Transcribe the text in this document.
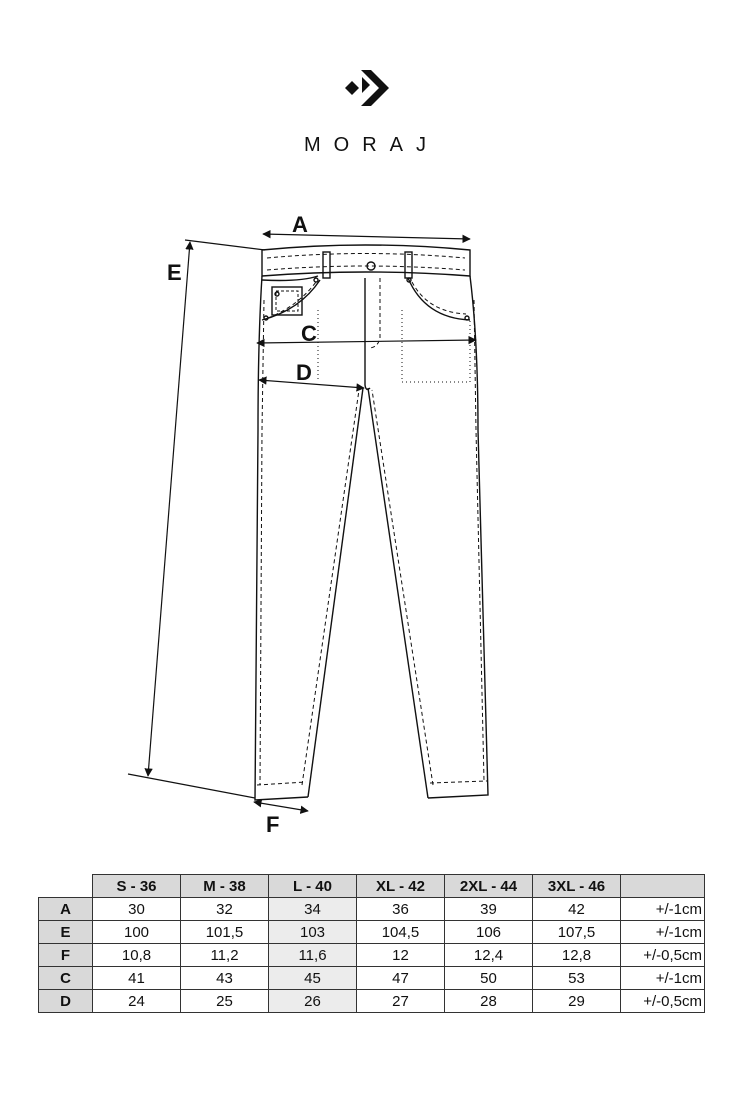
MORAJ
A
E
C
D
F
	S - 36	M - 38	L - 40	XL - 42	2XL - 44	3XL - 46	
A	30	32	34	36	39	42	+/-1cm
E	100	101,5	103	104,5	106	107,5	+/-1cm
F	10,8	11,2	11,6	12	12,4	12,8	+/-0,5cm
C	41	43	45	47	50	53	+/-1cm
D	24	25	26	27	28	29	+/-0,5cm
